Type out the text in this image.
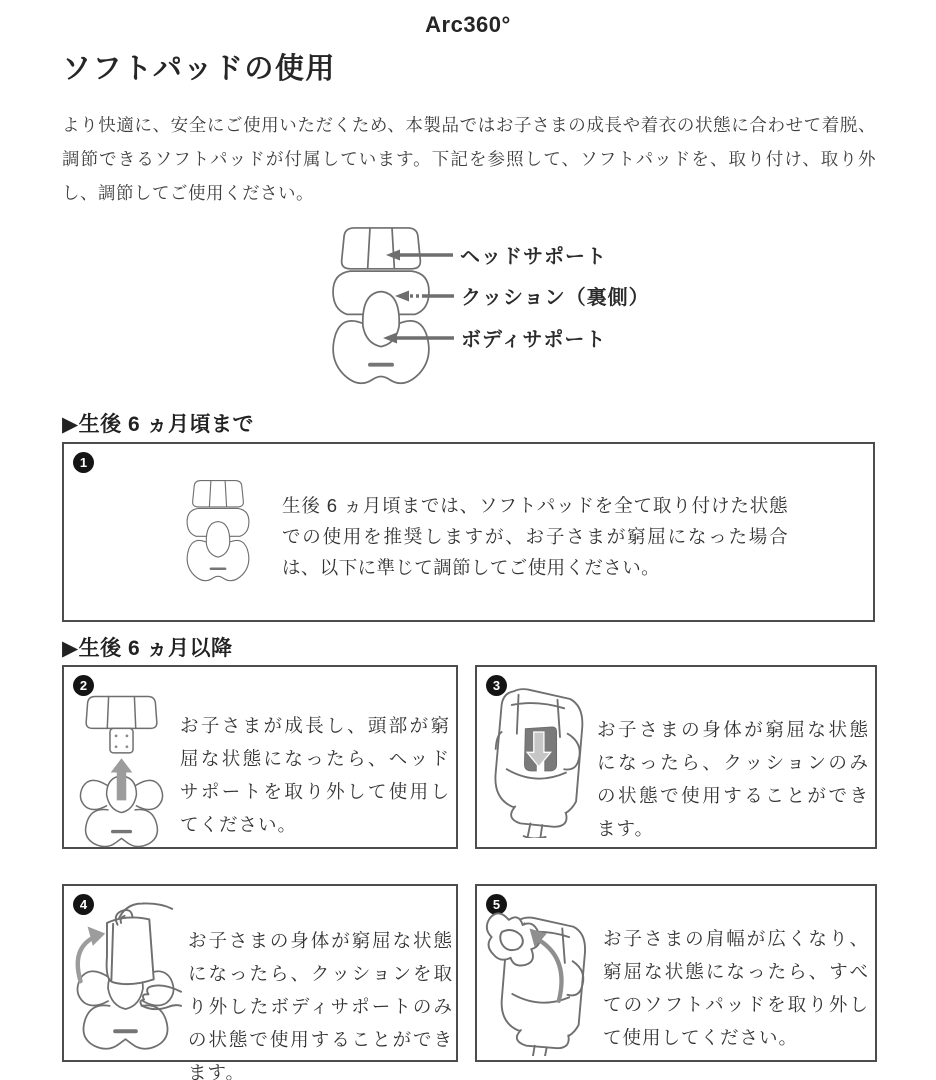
Arc360°
ソフトパッドの使用
より快適に、安全にご使用いただくため、本製品ではお子さまの成長や着衣の状態に合わせて着脱、調節できるソフトパッドが付属しています。下記を参照して、ソフトパッドを、取り付け、取り外し、調節してご使用ください。
ヘッドサポート
クッション（裏側）
ボディサポート
▶生後 6 ヵ月頃まで
1
生後 6 ヵ月頃までは、ソフトパッドを全て取り付けた状態での使用を推奨しますが、お子さまが窮屈になった場合は、以下に準じて調節してご使用ください。
▶生後 6 ヵ月以降
2
お子さまが成長し、頭部が窮屈な状態になったら、ヘッドサポートを取り外して使用してください。
3
お子さまの身体が窮屈な状態になったら、クッションのみの状態で使用することができます。
4
お子さまの身体が窮屈な状態になったら、クッションを取り外したボディサポートのみの状態で使用することができます。
5
お子さまの肩幅が広くなり、窮屈な状態になったら、すべてのソフトパッドを取り外して使用してください。
